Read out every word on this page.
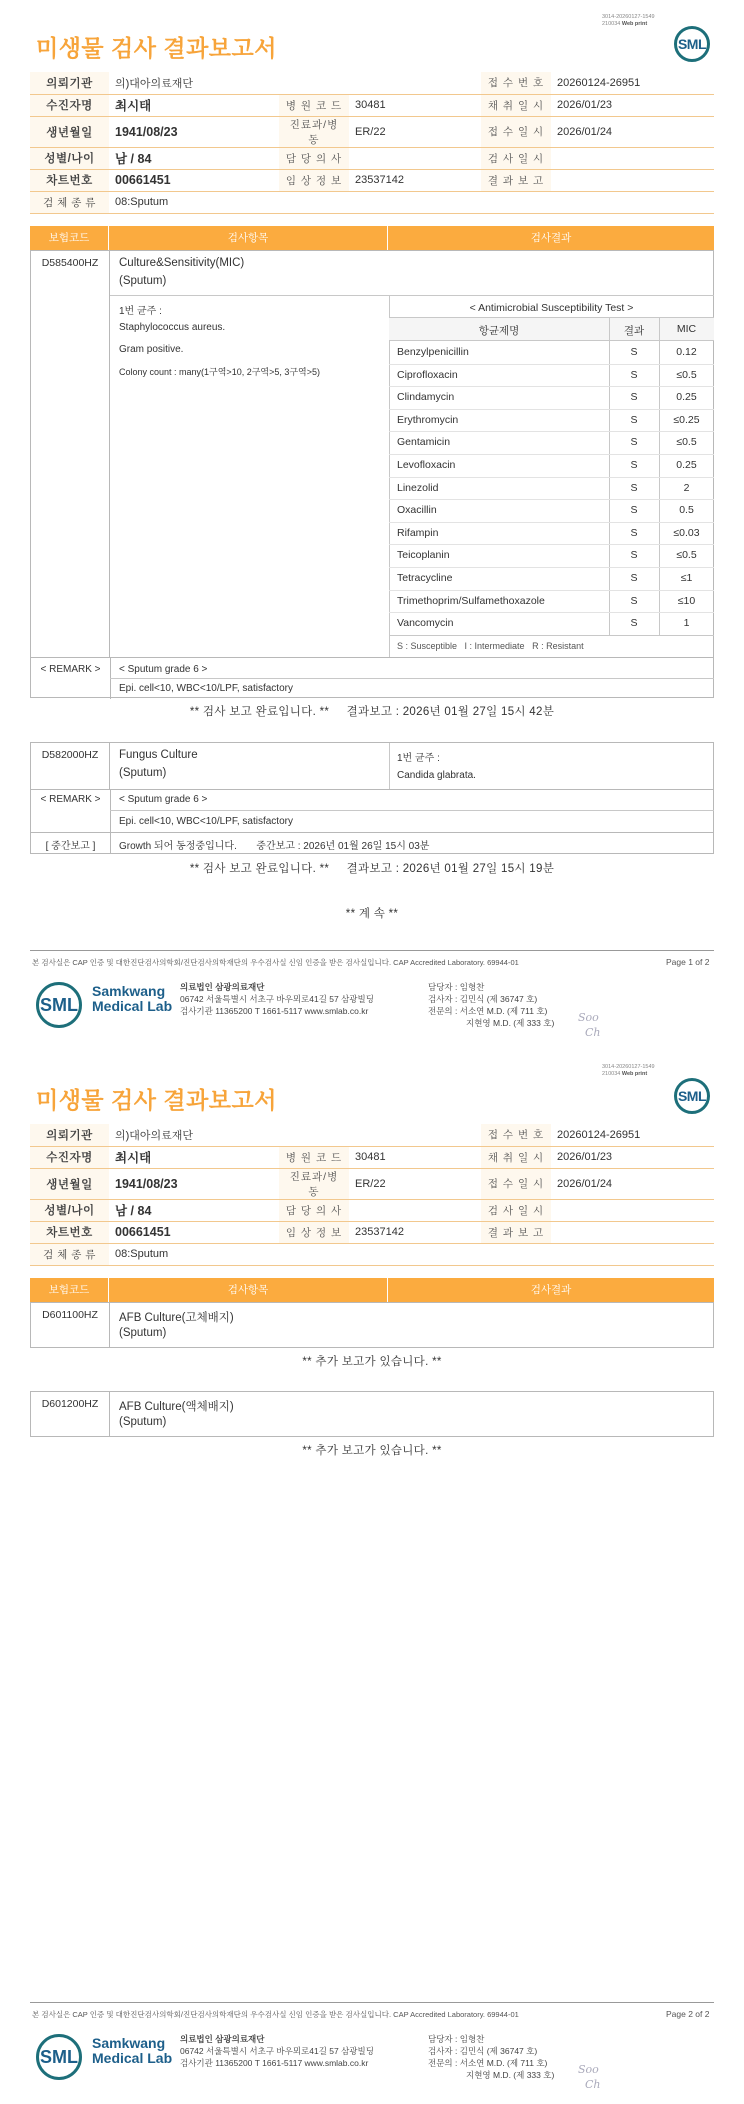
3014-20260127-1549
210034 Web print
미생물 검사 결과보고서	SML
의뢰기관	의)대아의료재단			접 수 번 호	20260124-26951
수진자명	최시태	병 원 코 드	30481	채 취 일 시	2026/01/23
생년월일	1941/08/23	진료과/병동	ER/22	접 수 일 시	2026/01/24
성별/나이	남 / 84	담 당 의 사		검 사 일 시	
차트번호	00661451	임 상 정 보	23537142	결 과 보 고	
검 체 종 류	08:Sputum				
보험코드	검사항목	검사결과
D585400HZ	Culture&Sensitivity(MIC)
(Sputum)
1번 균주 :
Staphylococcus aureus.
Gram positive.
Colony count : many(1구역>10, 2구역>5, 3구역>5)
< Antimicrobial Susceptibility Test >
항균제명	결과	MIC
Benzylpenicillin	S	0.12
Ciprofloxacin	S	≤0.5
Clindamycin	S	0.25
Erythromycin	S	≤0.25
Gentamicin	S	≤0.5
Levofloxacin	S	0.25
Linezolid	S	2
Oxacillin	S	0.5
Rifampin	S	≤0.03
Teicoplanin	S	≤0.5
Tetracycline	S	≤1
Trimethoprim/Sulfamethoxazole	S	≤10
Vancomycin	S	1
S : Susceptible   I : Intermediate   R : Resistant
< REMARK >	< Sputum grade 6 >
Epi. cell<10, WBC<10/LPF, satisfactory
** 검사 보고 완료입니다. **     결과보고 : 2026년 01월 27일 15시 42분
D582000HZ	Fungus Culture
(Sputum)
1번 균주 :
Candida glabrata.
< REMARK >	< Sputum grade 6 >
Epi. cell<10, WBC<10/LPF, satisfactory
[ 중간보고 ]	Growth 되어 동정중입니다.       중간보고 : 2026년 01월 26일 15시 03분
** 검사 보고 완료입니다. **     결과보고 : 2026년 01월 27일 15시 19분
** 계 속 **
본 검사실은 CAP 인증 및 대한진단검사의학회/진단검사의학재단의 우수검사실 신임 인증을 받은 검사실입니다. CAP Accredited Laboratory. 69944-01	Page 1 of 2
SML
Samkwang
Medical Lab
의료법인 삼광의료재단
06742 서울특별시 서초구 바우뫼로41길 57 삼광빌딩
검사기관 11365200 T 1661-5117 www.smlab.co.kr
담당자 : 임형찬
검사자 : 김민식 (제 36747 호)
전문의 : 서소연 M.D. (제 711 호)
지현영 M.D. (제 333 호) Soo
Ch
3014-20260127-1549
210034 Web print
미생물 검사 결과보고서	SML
의뢰기관	의)대아의료재단			접 수 번 호	20260124-26951
수진자명	최시태	병 원 코 드	30481	채 취 일 시	2026/01/23
생년월일	1941/08/23	진료과/병동	ER/22	접 수 일 시	2026/01/24
성별/나이	남 / 84	담 당 의 사		검 사 일 시	
차트번호	00661451	임 상 정 보	23537142	결 과 보 고	
검 체 종 류	08:Sputum				
보험코드	검사항목	검사결과
D601100HZ	AFB Culture(고체배지)
(Sputum)
** 추가 보고가 있습니다. **
D601200HZ	AFB Culture(액체배지)
(Sputum)
** 추가 보고가 있습니다. **
본 검사실은 CAP 인증 및 대한진단검사의학회/진단검사의학재단의 우수검사실 신임 인증을 받은 검사실입니다. CAP Accredited Laboratory. 69944-01	Page 2 of 2
SML
Samkwang
Medical Lab
의료법인 삼광의료재단
06742 서울특별시 서초구 바우뫼로41길 57 삼광빌딩
검사기관 11365200 T 1661-5117 www.smlab.co.kr
담당자 : 임형찬
검사자 : 김민식 (제 36747 호)
전문의 : 서소연 M.D. (제 711 호)
지현영 M.D. (제 333 호) Soo
Ch
